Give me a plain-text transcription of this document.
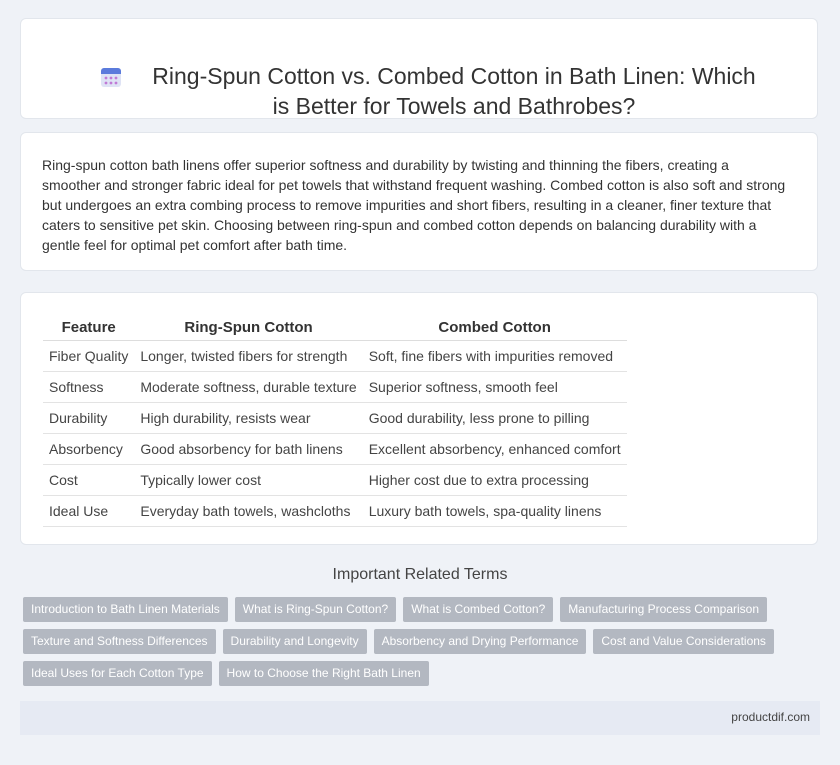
Ring-Spun Cotton vs. Combed Cotton in Bath Linen: Which is Better for Towels and Bathrobes?

Ring-spun cotton bath linens offer superior softness and durability by twisting and thinning the fibers, creating a smoother and stronger fabric ideal for pet towels that withstand frequent washing. Combed cotton is also soft and strong but undergoes an extra combing process to remove impurities and short fibers, resulting in a cleaner, finer texture that caters to sensitive pet skin. Choosing between ring-spun and combed cotton depends on balancing durability with a gentle feel for optimal pet comfort after bath time.

Feature	Ring-Spun Cotton	Combed Cotton
Fiber Quality	Longer, twisted fibers for strength	Soft, fine fibers with impurities removed
Softness	Moderate softness, durable texture	Superior softness, smooth feel
Durability	High durability, resists wear	Good durability, less prone to pilling
Absorbency	Good absorbency for bath linens	Excellent absorbency, enhanced comfort
Cost	Typically lower cost	Higher cost due to extra processing
Ideal Use	Everyday bath towels, washcloths	Luxury bath towels, spa-quality linens
Important Related Terms
Introduction to Bath Linen Materials	What is Ring-Spun Cotton?	What is Combed Cotton?	Manufacturing Process Comparison
Texture and Softness Differences	Durability and Longevity	Absorbency and Drying Performance	Cost and Value Considerations
Ideal Uses for Each Cotton Type	How to Choose the Right Bath Linen
productdif.com
